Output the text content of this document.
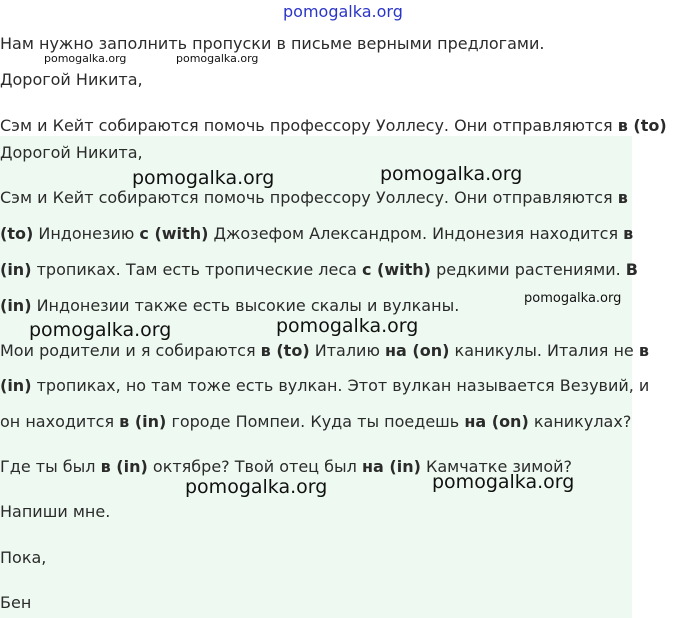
pomogalka.org
Нам нужно заполнить пропуски в письме верными предлогами.
Дорогой Никита,
Сэм и Кейт собираются помочь профессору Уоллесу. Они отправляются в (to)
Дорогой Никита,
Сэм и Кейт собираются помочь профессору Уоллесу. Они отправляются в
(to) Индонезию с (with) Джозефом Александром. Индонезия находится в
(in) тропиках. Там есть тропические леса с (with) редкими растениями. В
(in) Индонезии также есть высокие скалы и вулканы.
Мои родители и я собираются в (to) Италию на (on) каникулы. Италия не в
(in) тропиках, но там тоже есть вулкан. Этот вулкан называется Везувий, и
он находится в (in) городе Помпеи. Куда ты поедешь на (on) каникулах?
Где ты был в (in) октябре? Твой отец был на (in) Камчатке зимой?
Напиши мне.
Пока,
Бен
pomogalka.org	pomogalka.org
pomogalka.org	pomogalka.org
pomogalka.org
pomogalka.org	pomogalka.org
pomogalka.org	pomogalka.org
